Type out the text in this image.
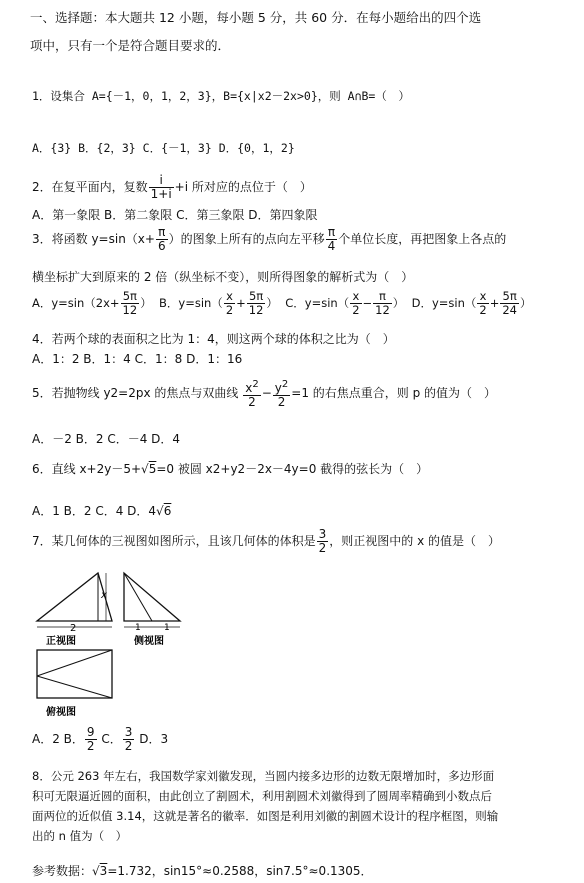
一、选择题：本大题共 12 小题，每小题 5 分，共 60 分．在每小题给出的四个选
项中，只有一个是符合题目要求的．
1．设集合 A={－1，0，1，2，3}，B={x|x2－2x>0}，则 A∩B=（　）
A．{3} B．{2，3} C．{－1，3} D．{0，1，2}
2．在复平面内，复数 $\frac{i}{1+i} +i$ 所对应的点位于（　）
A．第一象限 B．第二象限 C．第三象限 D．第四象限
3．将函数 $y=\sin(x+ \frac{\pi}{6}$ ）的图象上所有的点向左平移 $\frac{\pi}{4}$ 个单位长度，再把图象上各点的
横坐标扩大到原来的 2 倍（纵坐标不变），则所得图象的解析式为（　）
A．$y=\sin(2x+ \frac{5\pi}{12}$ ） B．$y=\sin( \frac{x}{2} + \frac{5\pi}{12}$ ） C．$y=\sin( \frac{x}{2} - \frac{\pi}{12}$ ） D．$y=\sin( \frac{x}{2} + \frac{5\pi}{24}$ ）
4．若两个球的表面积之比为 1：4，则这两个球的体积之比为（　）
A．1：2 B．1：4 C．1：8 D．1：16
5．若抛物线 y2=2px 的焦点与双曲线 $\frac{x^2}{2} - \frac{y^2}{2} =1$ 的右焦点重合，则 p 的值为（　）
A．－2 B．2 C．－4 D．4
6．直线 x+2y－5+√5=0 被圆 x2+y2－2x－4y=0 截得的弦长为（　）
A．1 B．2 C．4 D．4√6
7．某几何体的三视图如图所示，且该几何体的体积是 $\frac{3}{2}$ ，则正视图中的 x 的值是（　）
x
2
正视图
1	1
侧视图
俯视图
A．2 B． $\frac{9}{2}$ C． $\frac{3}{2}$ D．3
8．公元 263 年左右，我国数学家刘徽发现，当圆内接多边形的边数无限增加时，多边形面
积可无限逼近圆的面积，由此创立了割圆术，利用割圆术刘徽得到了圆周率精确到小数点后
面两位的近似值 3.14，这就是著名的徽率．如图是利用刘徽的割圆术设计的程序框图，则输
出的 n 值为（　）
参考数据：√3=1.732，sin15°≈0.2588，sin7.5°≈0.1305．
